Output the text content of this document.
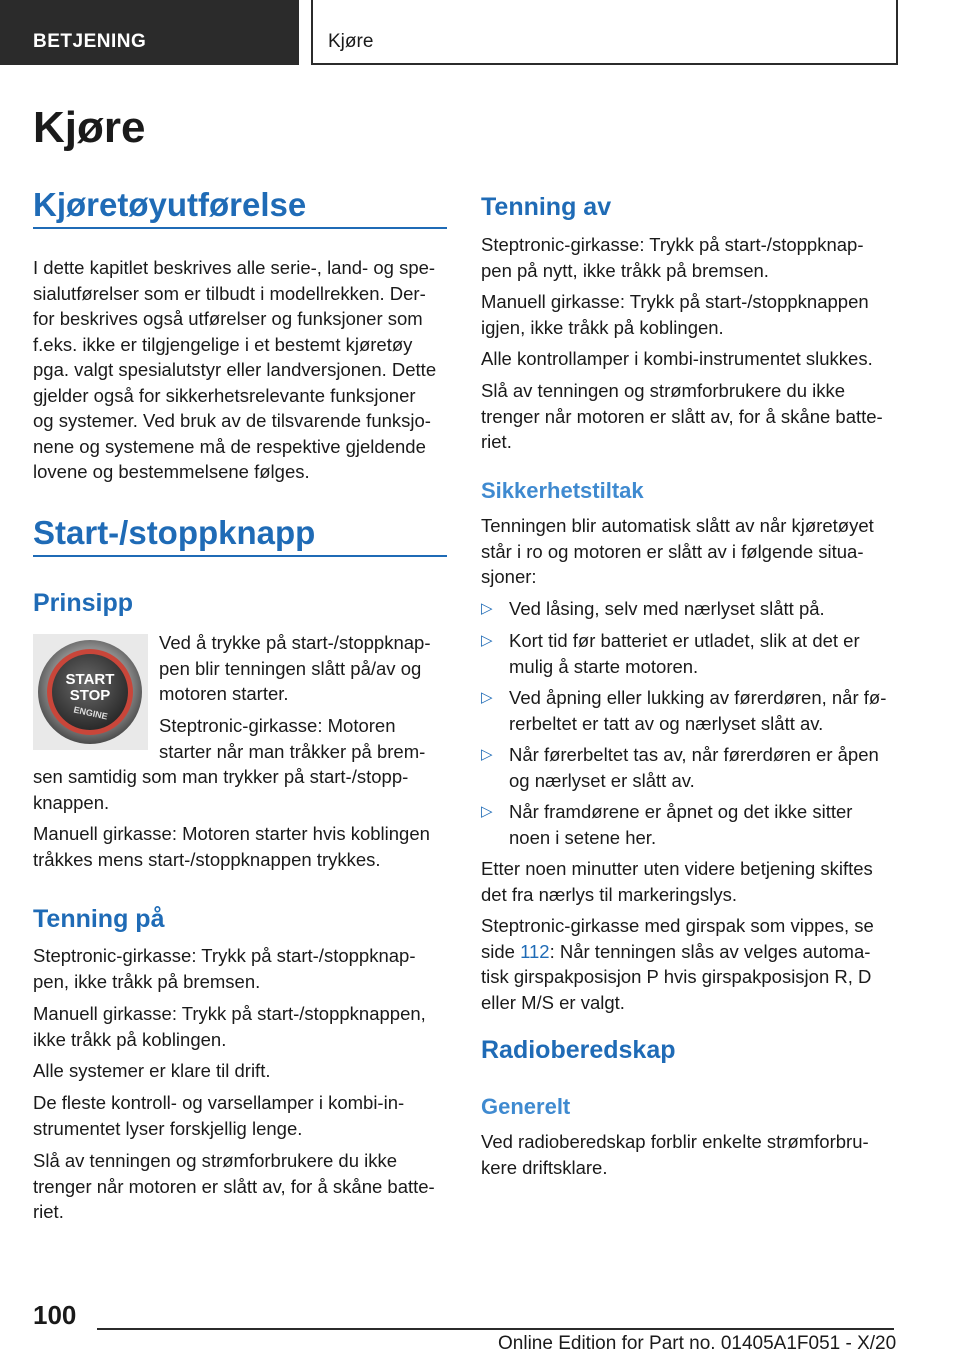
BETJENING	Kjøre
Kjøre
Kjøretøyutførelse
I dette kapitlet beskrives alle serie-, land- og spe-
sialutførelser som er tilbudt i modellrekken. Der-
for beskrives også utførelser og funksjoner som
f.eks. ikke er tilgjengelige i et bestemt kjøretøy
pga. valgt spesialutstyr eller landversjonen. Dette
gjelder også for sikkerhetsrelevante funksjoner
og systemer. Ved bruk av de tilsvarende funksjo-
nene og systemene må de respektive gjeldende
lovene og bestemmelsene følges.
Start-/stoppknapp
Prinsipp
START
STOP
ENGINE
Ved å trykke på start-/stoppknap-
pen blir tenningen slått på/av og
motoren starter.
Steptronic-girkasse: Motoren
starter når man tråkker på brem-
sen samtidig som man trykker på start-/stopp-
knappen.
Manuell girkasse: Motoren starter hvis koblingen
tråkkes mens start-/stoppknappen trykkes.
Tenning på
Steptronic-girkasse: Trykk på start-/stoppknap-
pen, ikke tråkk på bremsen.
Manuell girkasse: Trykk på start-/stoppknappen,
ikke tråkk på koblingen.
Alle systemer er klare til drift.
De fleste kontroll- og varsellamper i kombi-in-
strumentet lyser forskjellig lenge.
Slå av tenningen og strømforbrukere du ikke
trenger når motoren er slått av, for å skåne batte-
riet.
Tenning av
Steptronic-girkasse: Trykk på start-/stoppknap-
pen på nytt, ikke tråkk på bremsen.
Manuell girkasse: Trykk på start-/stoppknappen
igjen, ikke tråkk på koblingen.
Alle kontrollamper i kombi-instrumentet slukkes.
Slå av tenningen og strømforbrukere du ikke
trenger når motoren er slått av, for å skåne batte-
riet.
Sikkerhetstiltak
Tenningen blir automatisk slått av når kjøretøyet
står i ro og motoren er slått av i følgende situa-
sjoner:
▷ Ved låsing, selv med nærlyset slått på.
▷ Kort tid før batteriet er utladet, slik at det er
mulig å starte motoren.
▷ Ved åpning eller lukking av førerdøren, når fø-
rerbeltet er tatt av og nærlyset slått av.
▷ Når førerbeltet tas av, når førerdøren er åpen
og nærlyset er slått av.
▷ Når framdørene er åpnet og det ikke sitter
noen i setene her.
Etter noen minutter uten videre betjening skiftes
det fra nærlys til markeringslys.
Steptronic-girkasse med girspak som vippes, se
side 112: Når tenningen slås av velges automa-
tisk girspakposisjon P hvis girspakposisjon R, D
eller M/S er valgt.
Radioberedskap
Generelt
Ved radioberedskap forblir enkelte strømforbru-
kere driftsklare.
100
Online Edition for Part no. 01405A1F051 - X/20
